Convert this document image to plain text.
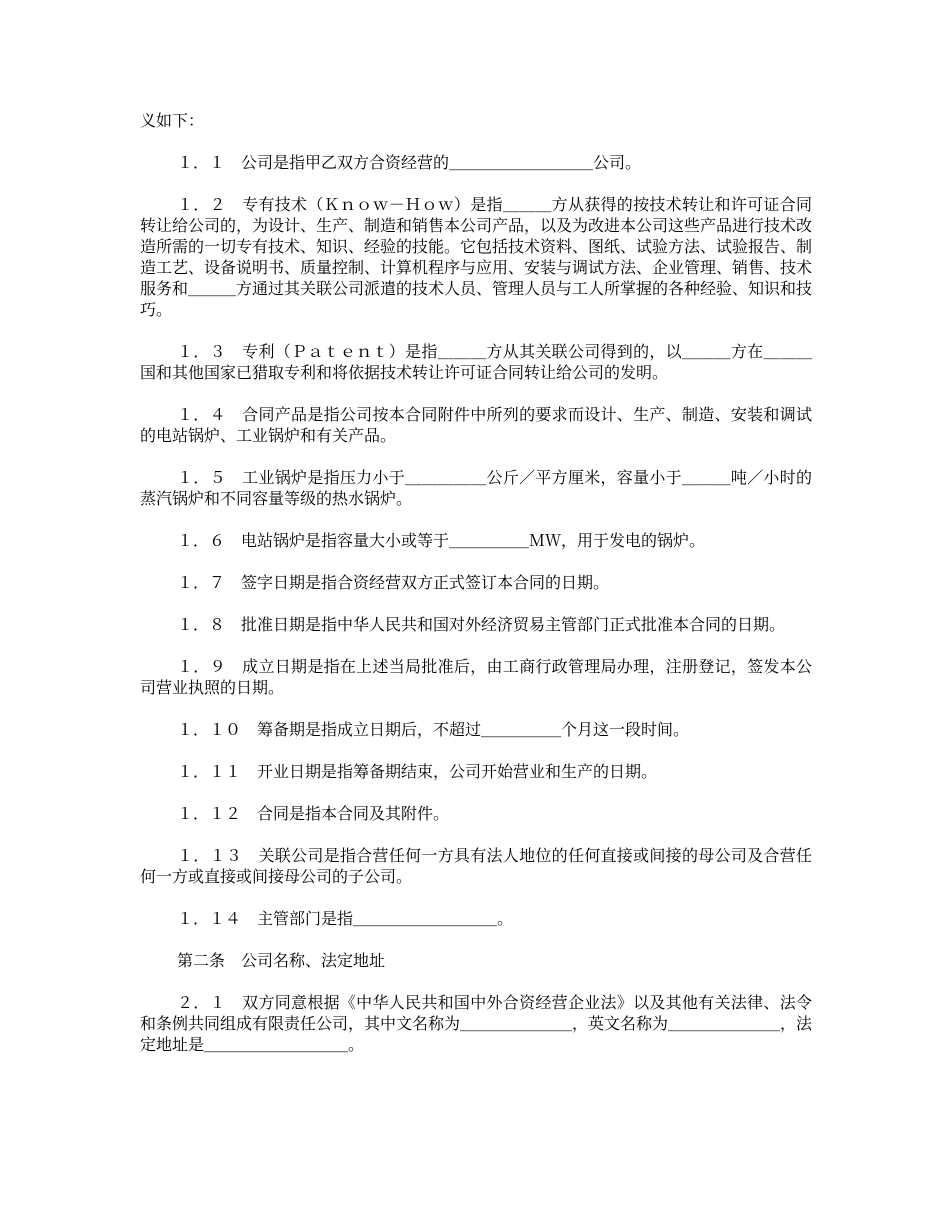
义如下：

１．１　公司是指甲乙双方合资经营的＿＿＿＿＿＿＿＿＿公司。

１．２　专有技术（Ｋｎｏｗ－Ｈｏｗ）是指＿＿＿方从获得的按技术转让和许可证合同转让给公司的，为设计、生产、制造和销售本公司产品，以及为改进本公司这些产品进行技术改造所需的一切专有技术、知识、经验的技能。它包括技术资料、图纸、试验方法、试验报告、制造工艺、设备说明书、质量控制、计算机程序与应用、安装与调试方法、企业管理、销售、技术服务和＿＿＿方通过其关联公司派遣的技术人员、管理人员与工人所掌握的各种经验、知识和技巧。

１．３　专利（Ｐａｔｅｎｔ）是指＿＿＿方从其关联公司得到的，以＿＿＿方在＿＿＿国和其他国家已猎取专利和将依据技术转让许可证合同转让给公司的发明。

１．４　合同产品是指公司按本合同附件中所列的要求而设计、生产、制造、安装和调试的电站锅炉、工业锅炉和有关产品。

１．５　工业锅炉是指压力小于＿＿＿＿＿公斤／平方厘米，容量小于＿＿＿吨／小时的蒸汽锅炉和不同容量等级的热水锅炉。

１．６　电站锅炉是指容量大小或等于＿＿＿＿＿ＭＷ，用于发电的锅炉。

１．７　签字日期是指合资经营双方正式签订本合同的日期。

１．８　批准日期是指中华人民共和国对外经济贸易主管部门正式批准本合同的日期。

１．９　成立日期是指在上述当局批准后，由工商行政管理局办理，注册登记，签发本公司营业执照的日期。

１．１０　筹备期是指成立日期后，不超过＿＿＿＿＿个月这一段时间。

１．１１　开业日期是指筹备期结束，公司开始营业和生产的日期。

１．１２　合同是指本合同及其附件。

１．１３　关联公司是指合营任何一方具有法人地位的任何直接或间接的母公司及合营任何一方或直接或间接母公司的子公司。

１．１４　主管部门是指＿＿＿＿＿＿＿＿＿。

第二条　公司名称、法定地址

２．１　双方同意根据《中华人民共和国中外合资经营企业法》以及其他有关法律、法令和条例共同组成有限责任公司，其中文名称为＿＿＿＿＿＿＿，英文名称为＿＿＿＿＿＿＿，法定地址是＿＿＿＿＿＿＿＿＿。
